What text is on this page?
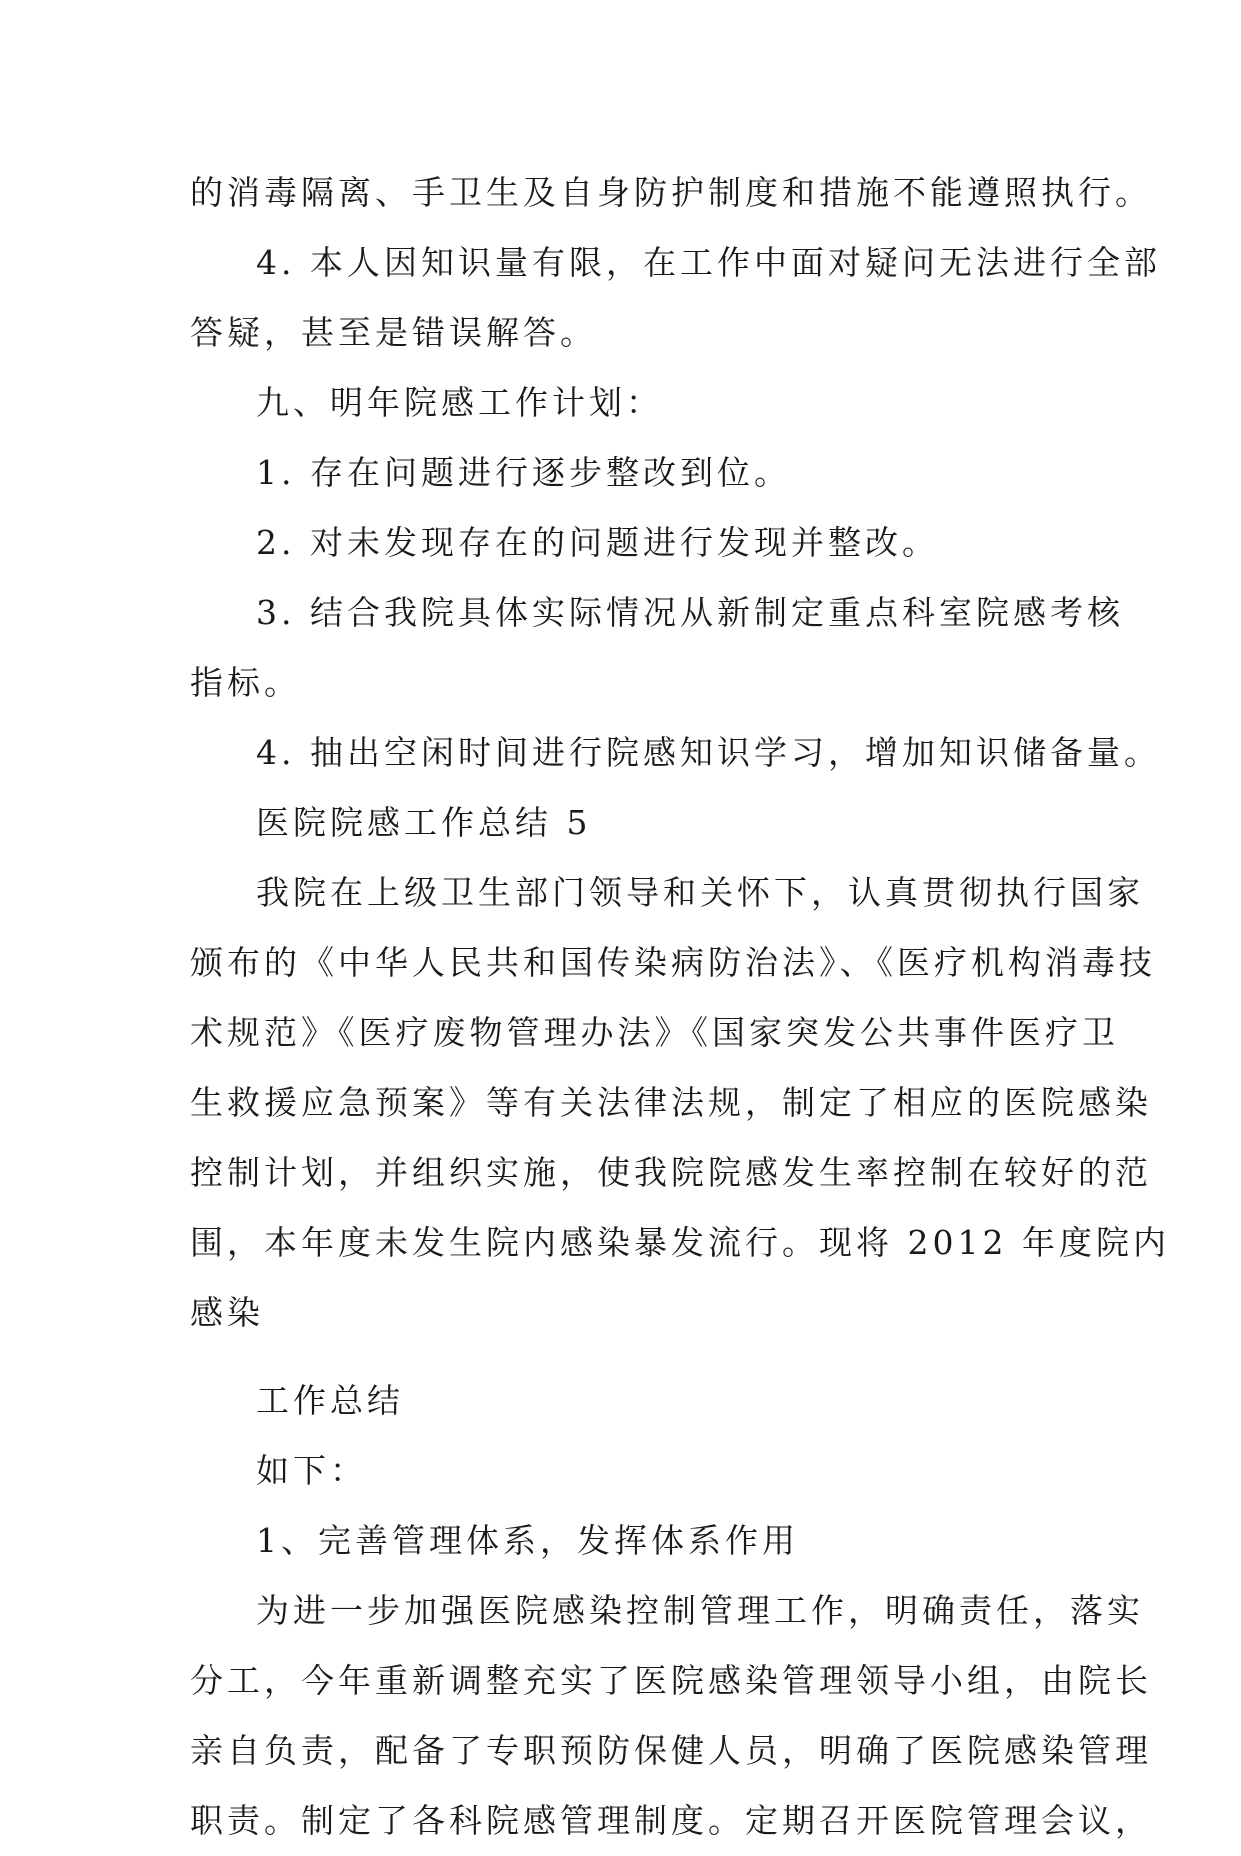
的消毒隔离、手卫生及自身防护制度和措施不能遵照执行。
4. 本人因知识量有限，在工作中面对疑问无法进行全部
答疑，甚至是错误解答。
九、明年院感工作计划：
1. 存在问题进行逐步整改到位。
2. 对未发现存在的问题进行发现并整改。
3. 结合我院具体实际情况从新制定重点科室院感考核
指标。
4. 抽出空闲时间进行院感知识学习，增加知识储备量。
医院院感工作总结 5
我院在上级卫生部门领导和关怀下，认真贯彻执行国家
颁布的《中华人民共和国传染病防治法》、《医疗机构消毒技
术规范》《医疗废物管理办法》《国家突发公共事件医疗卫
生救援应急预案》等有关法律法规，制定了相应的医院感染
控制计划，并组织实施，使我院院感发生率控制在较好的范
围，本年度未发生院内感染暴发流行。现将 2012 年度院内
感染
工作总结
如下：
1、完善管理体系，发挥体系作用
为进一步加强医院感染控制管理工作，明确责任，落实
分工，今年重新调整充实了医院感染管理领导小组，由院长
亲自负责，配备了专职预防保健人员，明确了医院感染管理
职责。制定了各科院感管理制度。定期召开医院管理会议，
